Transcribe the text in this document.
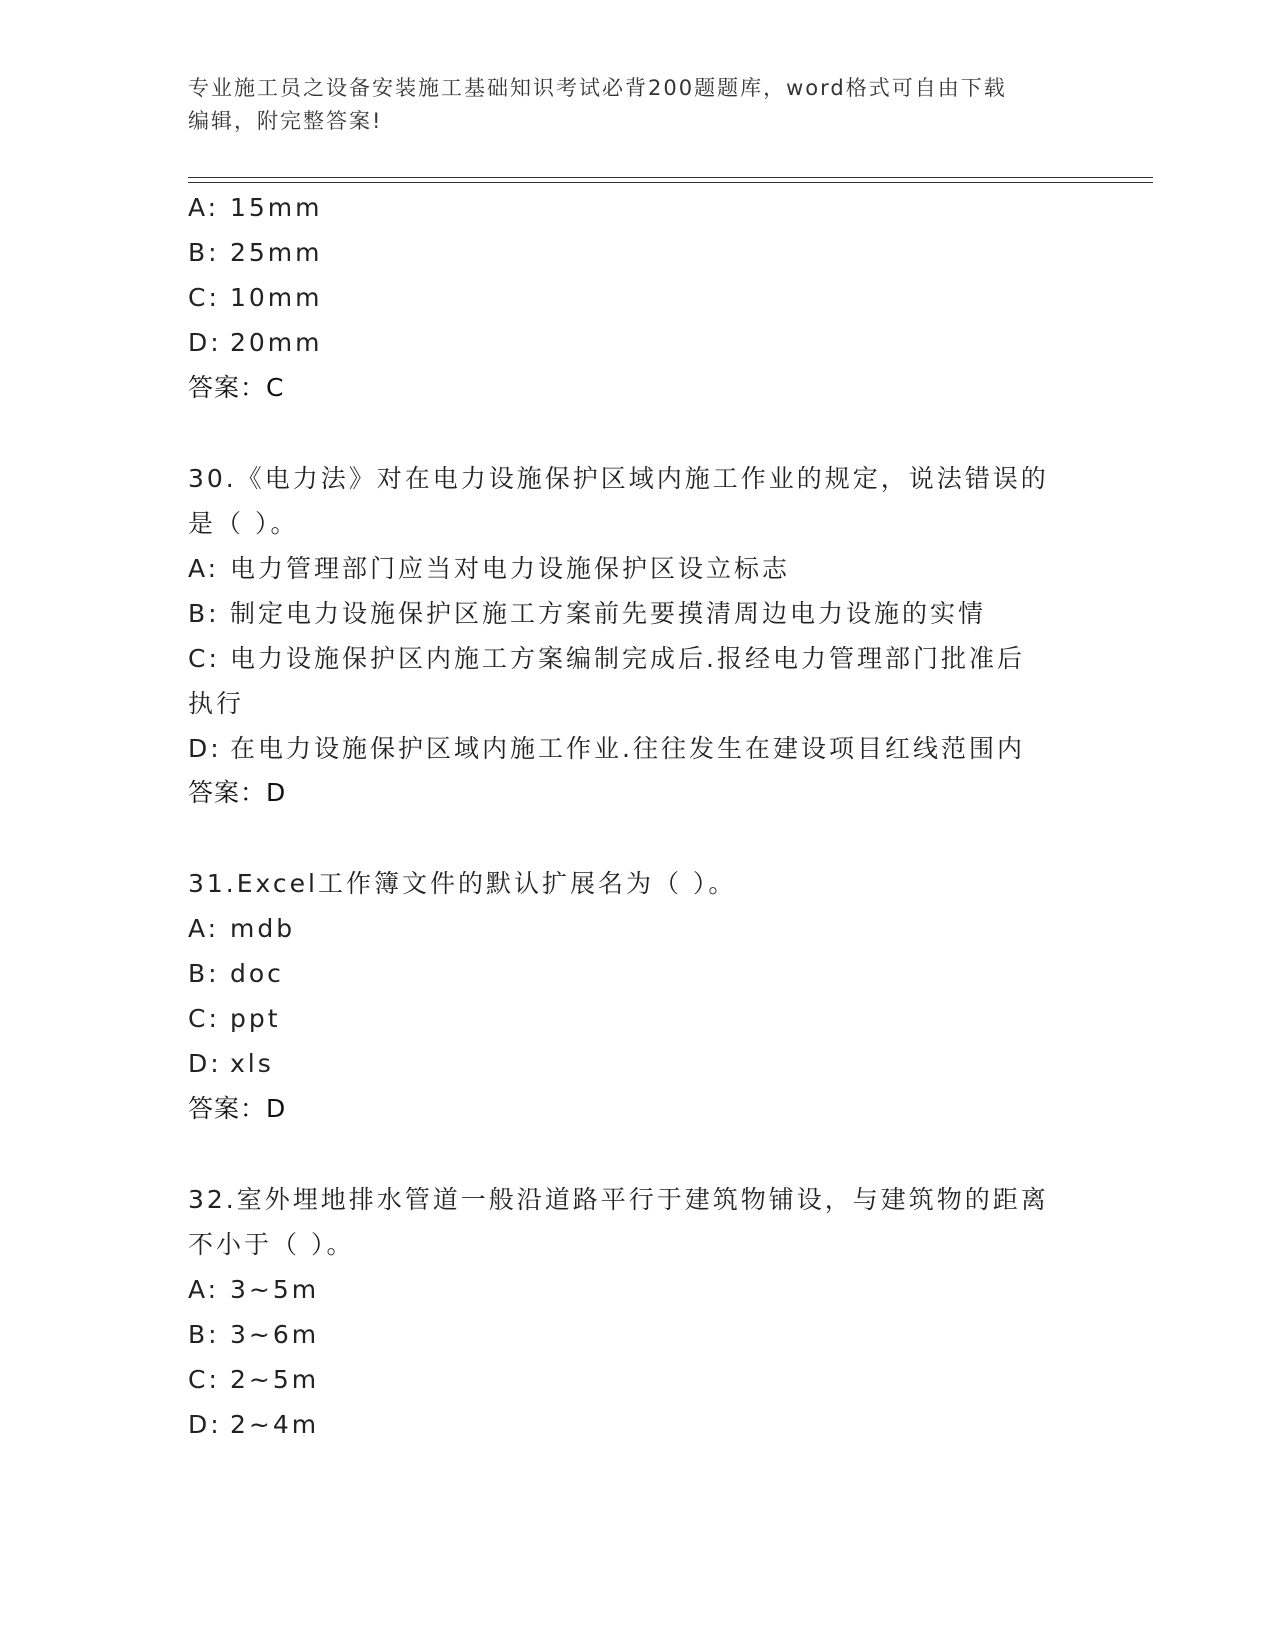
专业施工员之设备安装施工基础知识考试必背200题题库，word格式可自由下载
编辑，附完整答案!
A: 15mm
B: 25mm
C: 10mm
D: 20mm
答案：C
30.《电力法》对在电力设施保护区域内施工作业的规定，说法错误的
是（ ）。
A: 电力管理部门应当对电力设施保护区设立标志
B: 制定电力设施保护区施工方案前先要摸清周边电力设施的实情
C: 电力设施保护区内施工方案编制完成后.报经电力管理部门批准后
执行
D: 在电力设施保护区域内施工作业.往往发生在建设项目红线范围内
答案：D
31.Excel工作簿文件的默认扩展名为（ ）。
A: mdb
B: doc
C: ppt
D: xls
答案：D
32.室外埋地排水管道一般沿道路平行于建筑物铺设，与建筑物的距离
不小于（ ）。
A: 3~5m
B: 3~6m
C: 2~5m
D: 2~4m
